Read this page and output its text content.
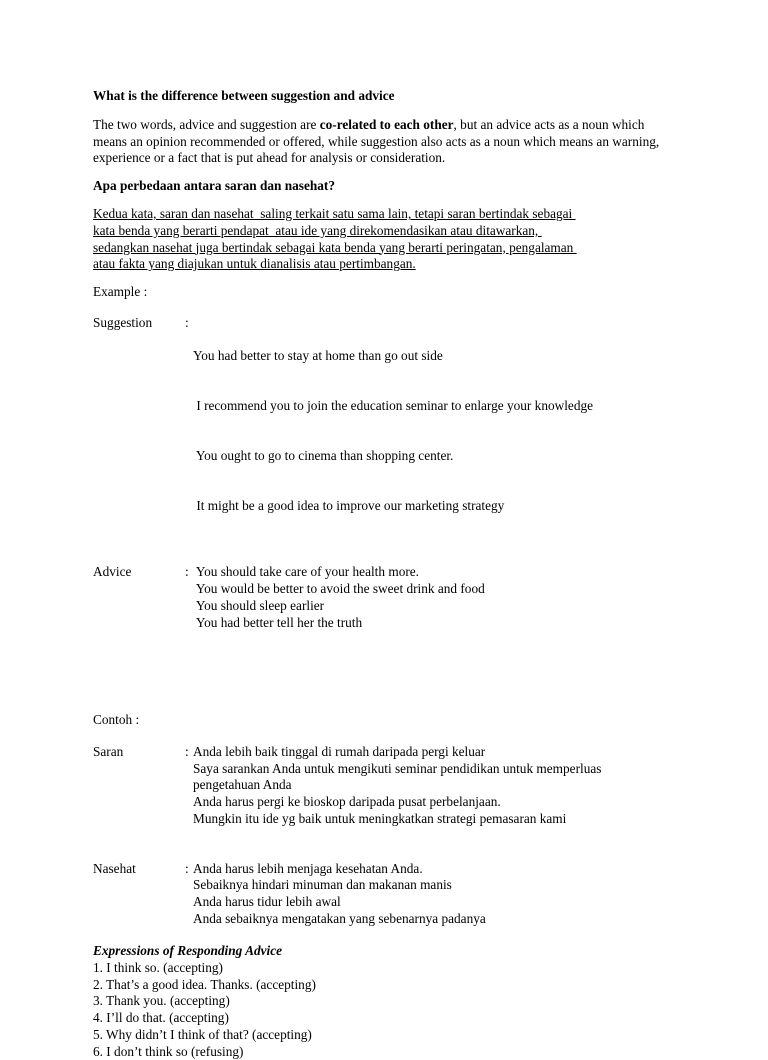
What is the difference between suggestion and advice

The two words, advice and suggestion are co-related to each other, but an advice acts as a noun which means an opinion recommended or offered, while suggestion also acts as a noun which means an warning, experience or a fact that is put ahead for analysis or consideration.

Apa perbedaan antara saran dan nasehat?
Kedua kata, saran dan nasehat  saling terkait satu sama lain, tetapi saran bertindak sebagai
kata benda yang berarti pendapat  atau ide yang direkomendasikan atau ditawarkan,
sedangkan nasehat juga bertindak sebagai kata benda yang berarti peringatan, pengalaman
atau fakta yang diajukan untuk dianalisis atau pertimbangan.
Example :
Suggestion	:

You had better to stay at home than go out side

I recommend you to join the education seminar to enlarge your knowledge

You ought to go to cinema than shopping center.

It might be a good idea to improve our marketing strategy

Advice	: You should take care of your health more.
You would be better to avoid the sweet drink and food
You should sleep earlier
You had better tell her the truth
Contoh :
Saran	: Anda lebih baik tinggal di rumah daripada pergi keluar
Saya sarankan Anda untuk mengikuti seminar pendidikan untuk memperluas
pengetahuan Anda
Anda harus pergi ke bioskop daripada pusat perbelanjaan.
Mungkin itu ide yg baik untuk meningkatkan strategi pemasaran kami
Nasehat	: Anda harus lebih menjaga kesehatan Anda.
Sebaiknya hindari minuman dan makanan manis
Anda harus tidur lebih awal
Anda sebaiknya mengatakan yang sebenarnya padanya
Expressions of Responding Advice
1. I think so. (accepting)
2. That’s a good idea. Thanks. (accepting)
3. Thank you. (accepting)
4. I’ll do that. (accepting)
5. Why didn’t I think of that? (accepting)
6. I don’t think so (refusing)
